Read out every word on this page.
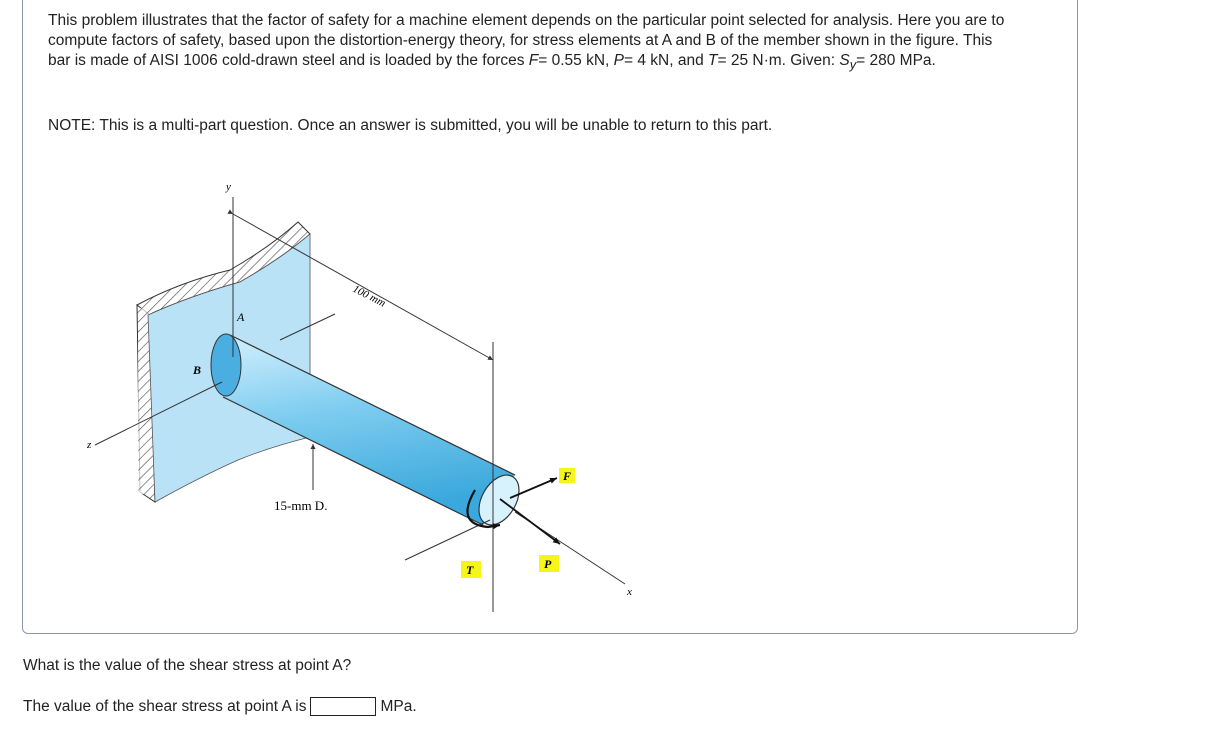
This problem illustrates that the factor of safety for a machine element depends on the particular point selected for analysis. Here you are to compute factors of safety, based upon the distortion-energy theory, for stress elements at A and B of the member shown in the figure. This bar is made of AISI 1006 cold-drawn steel and is loaded by the forces F= 0.55 kN, P= 4 kN, and T= 25 N·m. Given: $S_y= 280$ MPa.

NOTE: This is a multi-part question. Once an answer is submitted, you will be unable to return to this part.

y
z
x
A
B
100 mm
15-mm D.
F
P
T

What is the value of the shear stress at point A?

The value of the shear stress at point A is	MPa.
